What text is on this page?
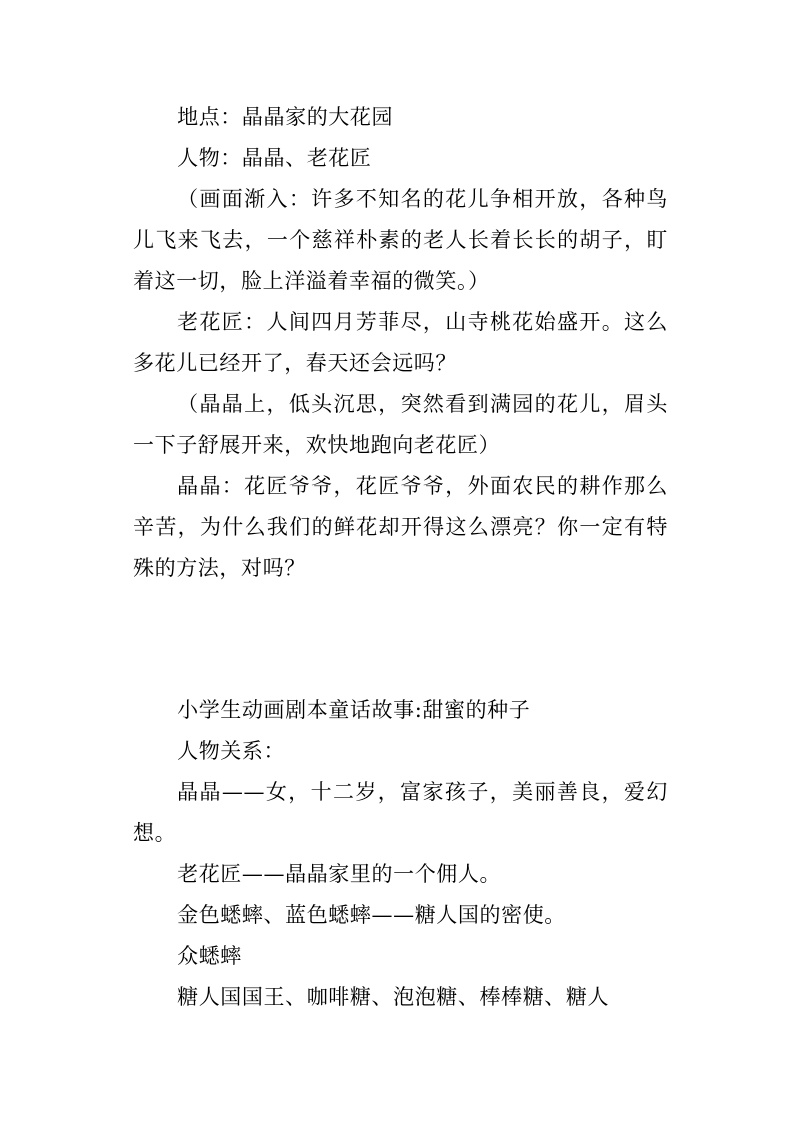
地点：晶晶家的大花园

人物：晶晶、老花匠

（画面渐入：许多不知名的花儿争相开放，各种鸟儿飞来飞去，一个慈祥朴素的老人长着长长的胡子，盯着这一切，脸上洋溢着幸福的微笑。）

老花匠：人间四月芳菲尽，山寺桃花始盛开。这么多花儿已经开了，春天还会远吗？

（晶晶上，低头沉思，突然看到满园的花儿，眉头一下子舒展开来，欢快地跑向老花匠）

晶晶：花匠爷爷，花匠爷爷，外面农民的耕作那么辛苦，为什么我们的鲜花却开得这么漂亮？你一定有特殊的方法，对吗？

小学生动画剧本童话故事:甜蜜的种子

人物关系：

晶晶——女，十二岁，富家孩子，美丽善良，爱幻想。

老花匠——晶晶家里的一个佣人。

金色蟋蟀、蓝色蟋蟀——糖人国的密使。

众蟋蟀

糖人国国王、咖啡糖、泡泡糖、棒棒糖、糖人
